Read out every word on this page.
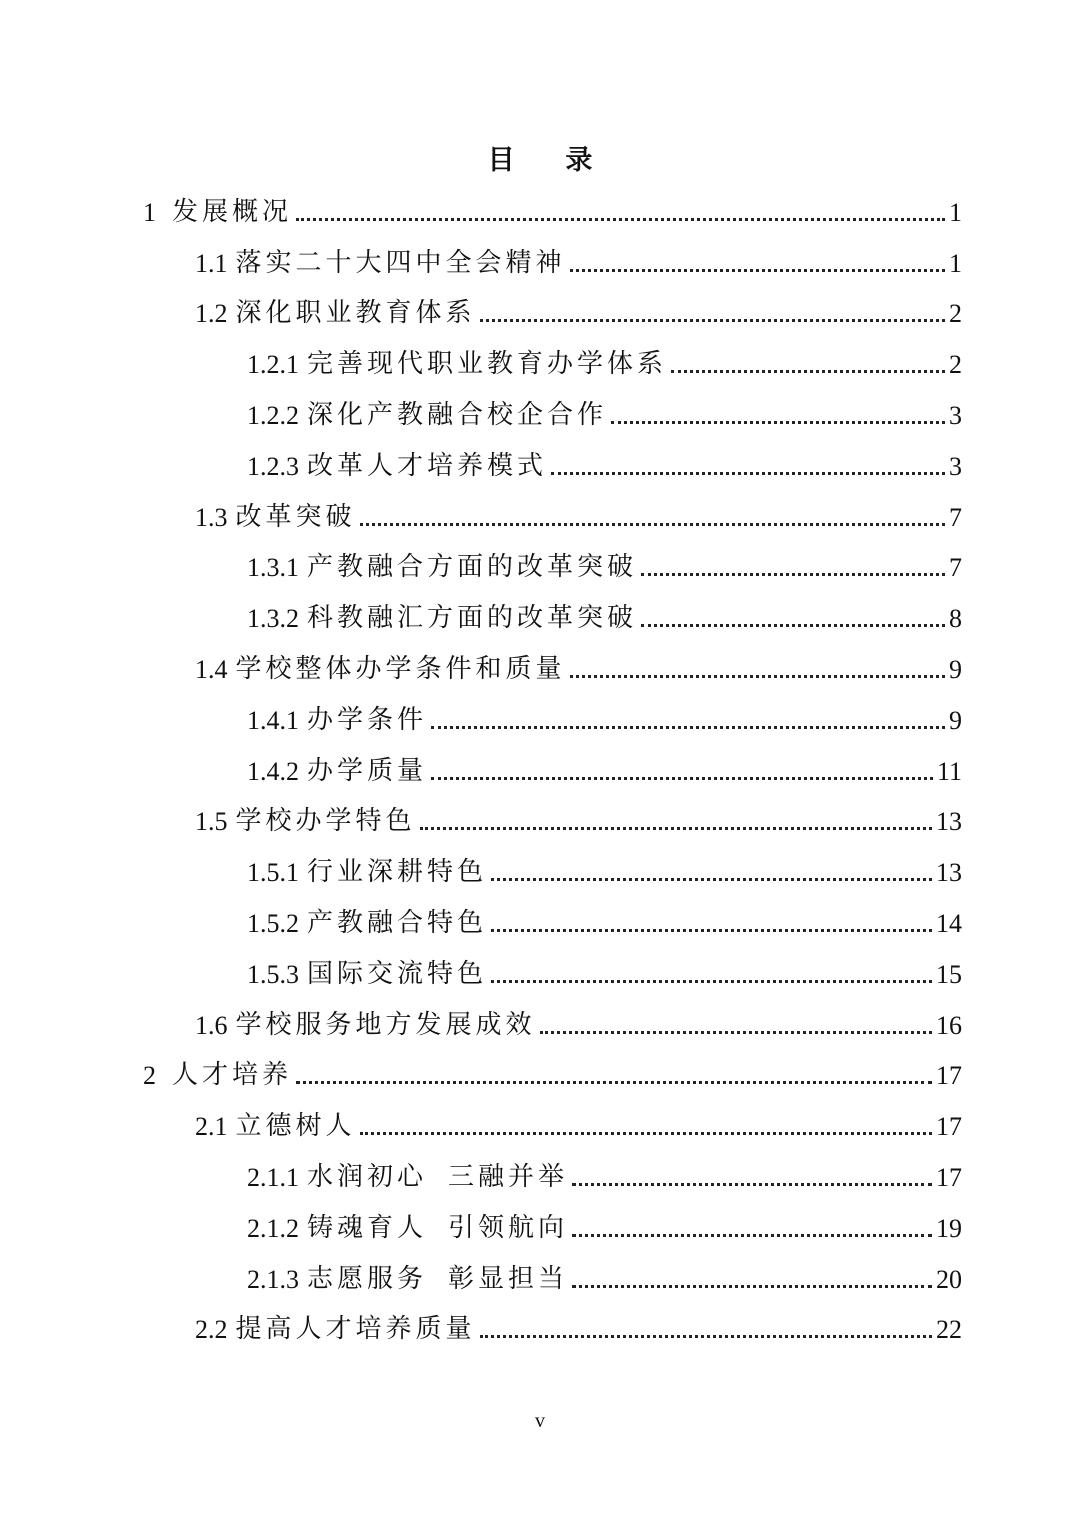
目 录
1 发展概况	1
1.1 落实二十大四中全会精神	1
1.2 深化职业教育体系	2
1.2.1 完善现代职业教育办学体系	2
1.2.2 深化产教融合校企合作	3
1.2.3 改革人才培养模式	3
1.3 改革突破	7
1.3.1 产教融合方面的改革突破	7
1.3.2 科教融汇方面的改革突破	8
1.4 学校整体办学条件和质量	9
1.4.1 办学条件	9
1.4.2 办学质量	11
1.5 学校办学特色	13
1.5.1 行业深耕特色	13
1.5.2 产教融合特色	14
1.5.3 国际交流特色	15
1.6 学校服务地方发展成效	16
2 人才培养	17
2.1 立德树人	17
2.1.1 水润初心  三融并举	17
2.1.2 铸魂育人  引领航向	19
2.1.3 志愿服务  彰显担当	20
2.2 提高人才培养质量	22
v
